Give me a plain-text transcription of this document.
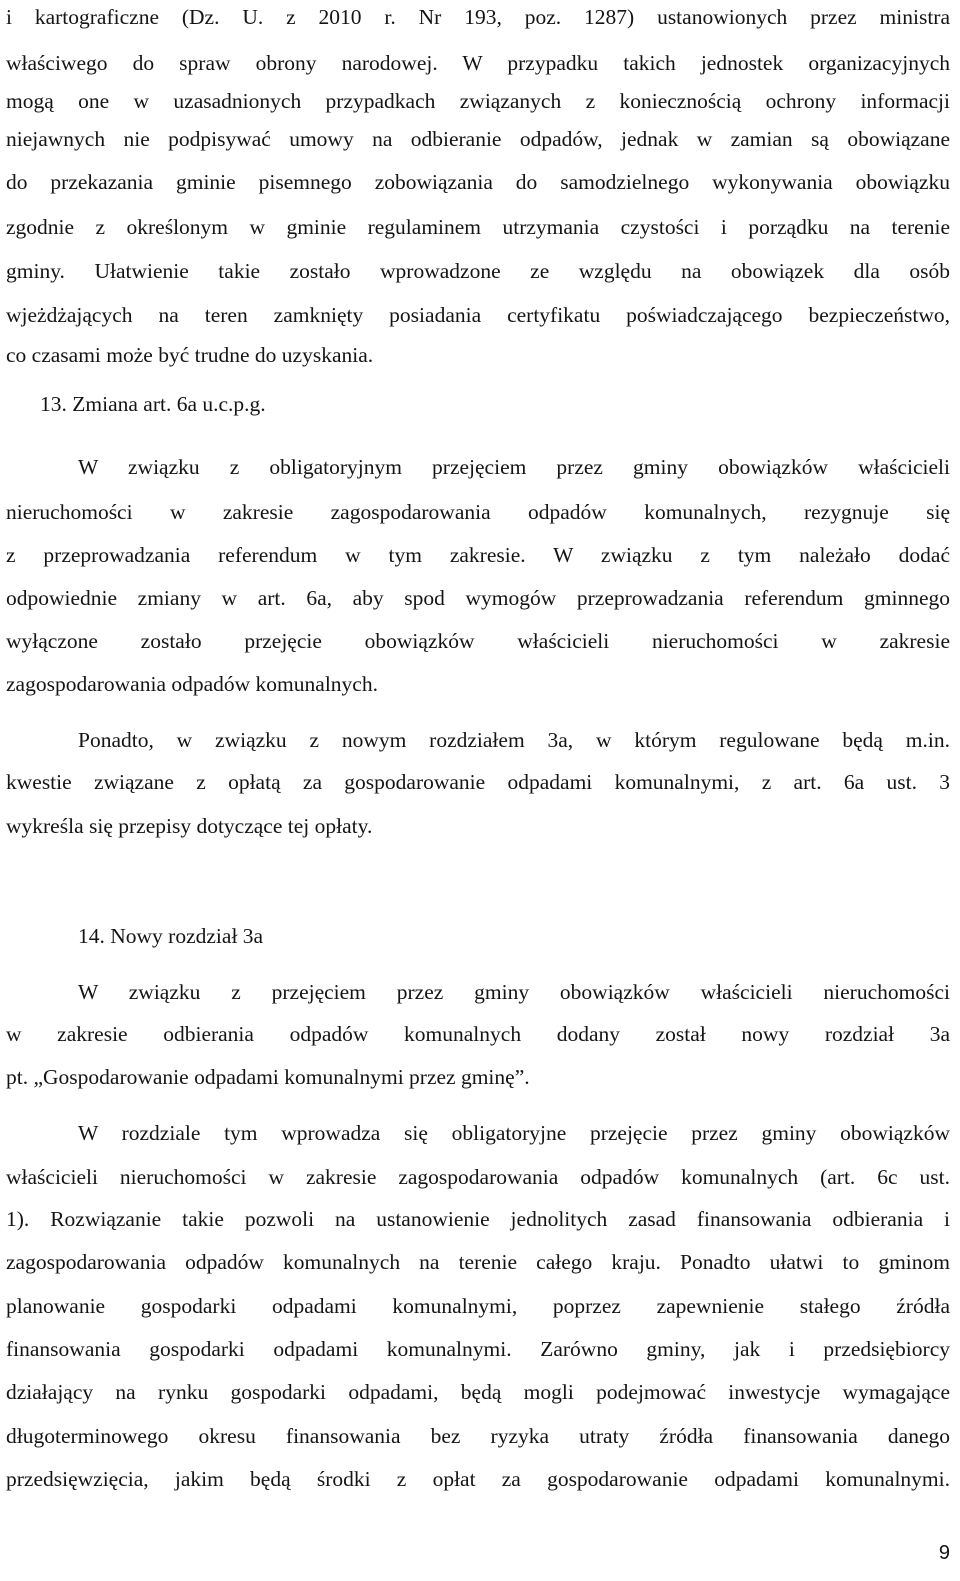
i kartograficzne (Dz. U. z 2010 r. Nr 193, poz. 1287) ustanowionych przez ministra
właściwego do spraw obrony narodowej. W przypadku takich jednostek organizacyjnych
mogą one w uzasadnionych przypadkach związanych z koniecznością ochrony informacji
niejawnych nie podpisywać umowy na odbieranie odpadów, jednak w zamian są obowiązane
do przekazania gminie pisemnego zobowiązania do samodzielnego wykonywania obowiązku
zgodnie z określonym w gminie regulaminem utrzymania czystości i porządku na terenie
gminy. Ułatwienie takie zostało wprowadzone ze względu na obowiązek dla osób
wjeżdżających na teren zamknięty posiadania certyfikatu poświadczającego bezpieczeństwo,
co czasami może być trudne do uzyskania.
13. Zmiana art. 6a u.c.p.g.
W związku z obligatoryjnym przejęciem przez gminy obowiązków właścicieli
nieruchomości w zakresie zagospodarowania odpadów komunalnych, rezygnuje się
z przeprowadzania referendum w tym zakresie. W związku z tym należało dodać
odpowiednie zmiany w art. 6a, aby spod wymogów przeprowadzania referendum gminnego
wyłączone zostało przejęcie obowiązków właścicieli nieruchomości w zakresie
zagospodarowania odpadów komunalnych.
Ponadto, w związku z nowym rozdziałem 3a, w którym regulowane będą m.in.
kwestie związane z opłatą za gospodarowanie odpadami komunalnymi, z art. 6a ust. 3
wykreśla się przepisy dotyczące tej opłaty.
14. Nowy rozdział 3a
W związku z przejęciem przez gminy obowiązków właścicieli nieruchomości
w zakresie odbierania odpadów komunalnych dodany został nowy rozdział 3a
pt. „Gospodarowanie odpadami komunalnymi przez gminę”.
W rozdziale tym wprowadza się obligatoryjne przejęcie przez gminy obowiązków
właścicieli nieruchomości w zakresie zagospodarowania odpadów komunalnych (art. 6c ust.
1). Rozwiązanie takie pozwoli na ustanowienie jednolitych zasad finansowania odbierania i
zagospodarowania odpadów komunalnych na terenie całego kraju. Ponadto ułatwi to gminom
planowanie gospodarki odpadami komunalnymi, poprzez zapewnienie stałego źródła
finansowania gospodarki odpadami komunalnymi. Zarówno gminy, jak i przedsiębiorcy
działający na rynku gospodarki odpadami, będą mogli podejmować inwestycje wymagające
długoterminowego okresu finansowania bez ryzyka utraty źródła finansowania danego
przedsięwzięcia, jakim będą środki z opłat za gospodarowanie odpadami komunalnymi.
9
